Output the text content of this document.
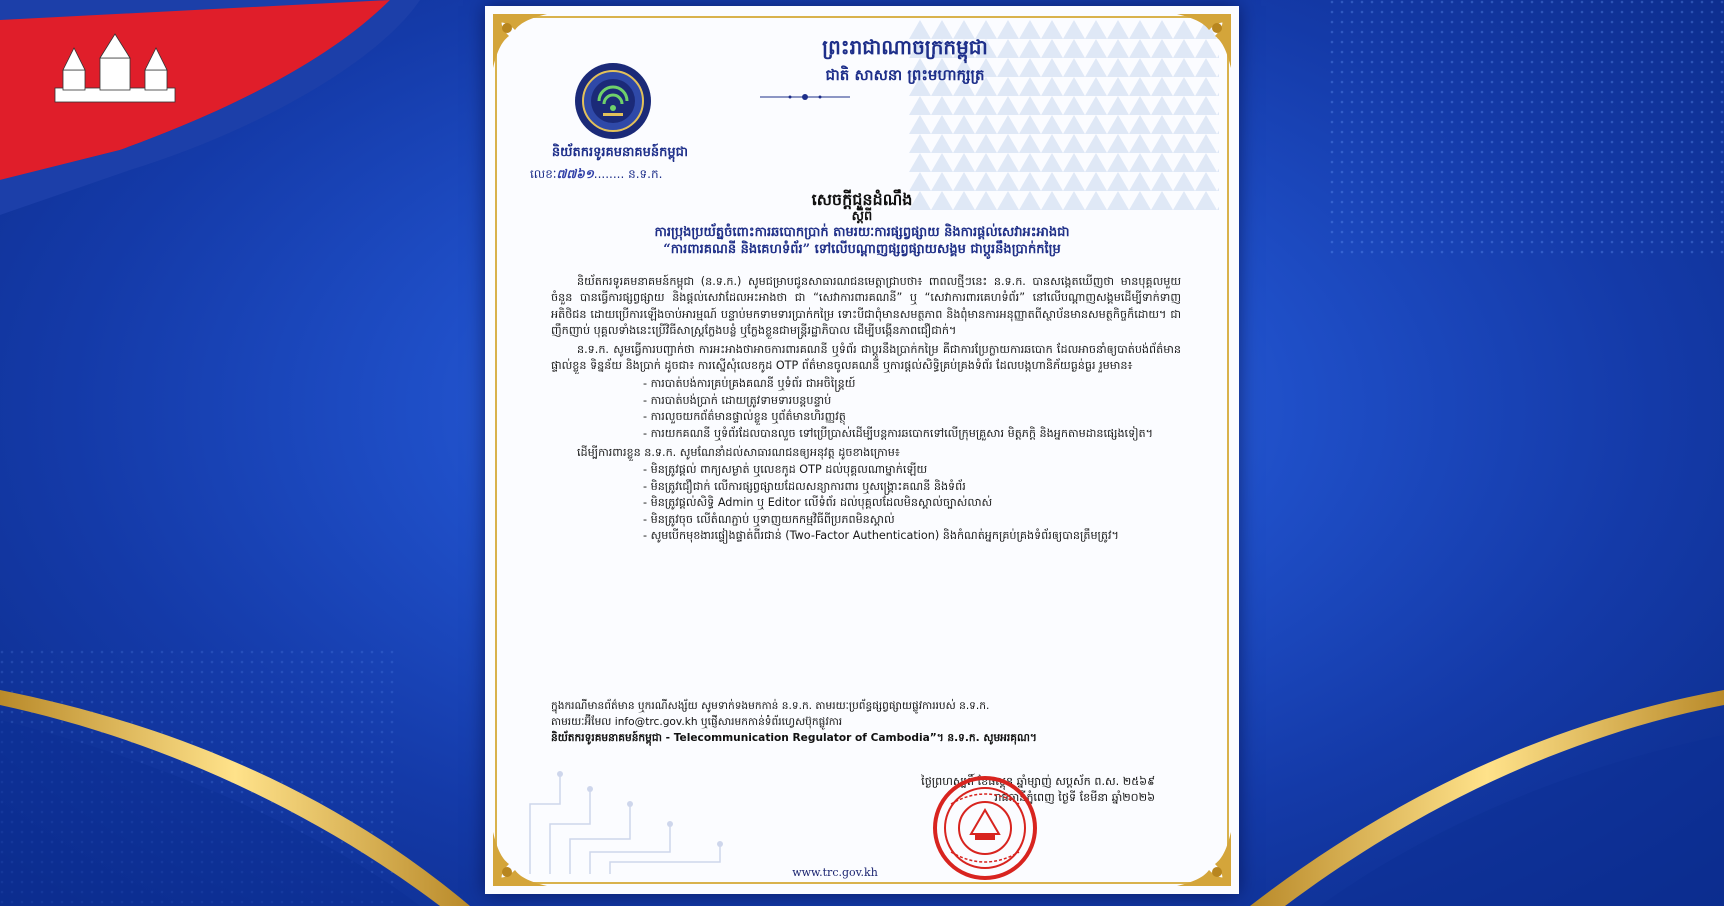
ព្រះរាជាណាចក្រកម្ពុជា
ជាតិ សាសនា ព្រះមហាក្សត្រ
និយ័តករទូរគមនាគមន៍កម្ពុជា
លេខៈ៧៧៦១........ ន.ទ.ក.
សេចក្តីជូនដំណឹង
ស្តីពី
ការប្រុងប្រយ័ត្នចំពោះការឆបោកប្រាក់ តាមរយៈការផ្សព្វផ្សាយ និងការផ្តល់សេវាអះអាងជា
“ការពារគណនី និងគេហទំព័រ” ទៅលើបណ្តាញផ្សព្វផ្សាយសង្គម ជាប្តូរនឹងប្រាក់កម្រៃ

និយ័តករទូរគមនាគមន៍កម្ពុជា (ន.ទ.ក.) សូមជម្រាបជូនសាធារណជនមេត្តាជ្រាបថា៖ ពាពលថ្មីៗនេះ ន.ទ.ក. បានសង្កេតឃើញថា មានបុគ្គលមួយចំនួន បានធ្វើការផ្សព្វផ្សាយ និងផ្តល់សេវាដែលអះអាងថា ជា “សេវាការពារគណនី” ឬ “សេវាការពារគេហទំព័រ” នៅលើបណ្តាញសង្គមដើម្បីទាក់ទាញអតិថិជន ដោយប្រើការឡើងចាប់អារម្មណ៍ បន្ទាប់មកទាមទារប្រាក់កម្រៃ ទោះបីជាពុំមានសមត្ថភាព និងពុំមានការអនុញ្ញាតពីស្ថាប័នមានសមត្ថកិច្ចក៏ដោយ។ ជាញឹកញាប់ បុគ្គលទាំងនេះប្រើវិធីសាស្ត្រក្លែងបន្លំ ឬក្លែងខ្លួនជាមន្ត្រីរដ្ឋាភិបាល ដើម្បីបង្កើនភាពជឿជាក់។

ន.ទ.ក. សូមធ្វើការបញ្ជាក់ថា ការអះអាងថាអាចការពារគណនី ឬទំព័រ ជាប្តូរនឹងប្រាក់កម្រៃ គឺជាការប្រែក្លាយការឆបោក ដែលអាចនាំឲ្យបាត់បង់ព័ត៌មានផ្ទាល់ខ្លួន ទិន្នន័យ និងប្រាក់ ដូចជា៖ ការស្នើសុំលេខកូដ OTP ព័ត៌មានចូលគណនី ឬការផ្តល់សិទ្ធិគ្រប់គ្រងទំព័រ ដែលបង្កហានិភ័យធ្ងន់ធ្ងរ រួមមាន៖

- ការបាត់បង់ការគ្រប់គ្រងគណនី ឬទំព័រ ជាអចិន្ត្រៃយ៍
- ការបាត់បង់ប្រាក់ ដោយត្រូវទាមទារបន្តបន្ទាប់
- ការលួចយកព័ត៌មានផ្ទាល់ខ្លួន ឬព័ត៌មានហិរញ្ញវត្ថុ
- ការយកគណនី ឬទំព័រដែលបានលួច ទៅប្រើប្រាស់ដើម្បីបន្តការឆបោកទៅលើក្រុមគ្រួសារ មិត្តភក្តិ និងអ្នកតាមដានផ្សេងទៀត។
ដើម្បីការពារខ្លួន ន.ទ.ក. សូមណែនាំដល់សាធារណជនឲ្យអនុវត្ត ដូចខាងក្រោម៖
- មិនត្រូវផ្តល់ ពាក្យសម្ងាត់ ឬលេខកូដ OTP ដល់បុគ្គលណាម្នាក់ឡើយ
- មិនត្រូវជឿជាក់ លើការផ្សព្វផ្សាយដែលសន្យាការពារ ឬសង្គ្រោះគណនី និងទំព័រ
- មិនត្រូវផ្តល់សិទ្ធិ Admin ឬ Editor លើទំព័រ ដល់បុគ្គលដែលមិនស្គាល់ច្បាស់លាស់
- មិនត្រូវចុច លើតំណភ្ជាប់ ឬទាញយកកម្មវិធីពីប្រភពមិនស្គាល់
- សូមបើកមុខងារផ្ទៀងផ្ទាត់ពីរជាន់ (Two-Factor Authentication) និងកំណត់អ្នកគ្រប់គ្រងទំព័រឲ្យបានត្រឹមត្រូវ។
ក្នុងករណីមានព័ត៌មាន ឬករណីសង្ស័យ សូមទាក់ទងមកកាន់ ន.ទ.ក. តាមរយៈប្រព័ន្ធផ្សព្វផ្សាយផ្លូវការរបស់ ន.ទ.ក.
តាមរយៈអ៊ីមែល info@trc.gov.kh ឬផ្ញើសារមកកាន់ទំព័រហ្វេសប៊ុកផ្លូវការ
និយ័តករទូរគមនាគមន៍កម្ពុជា - Telecommunication Regulator of Cambodia”។ ន.ទ.ក. សូមអរគុណ។
ថ្ងៃព្រហស្បតិ៍ ខែផល្គុន ឆ្នាំម្សាញ់ សប្តស័ក ព.ស. ២៥៦៩
រាជធានីភ្នំពេញ ថ្ងៃទី ខែមីនា ឆ្នាំ២០២៦
www.trc.gov.kh
